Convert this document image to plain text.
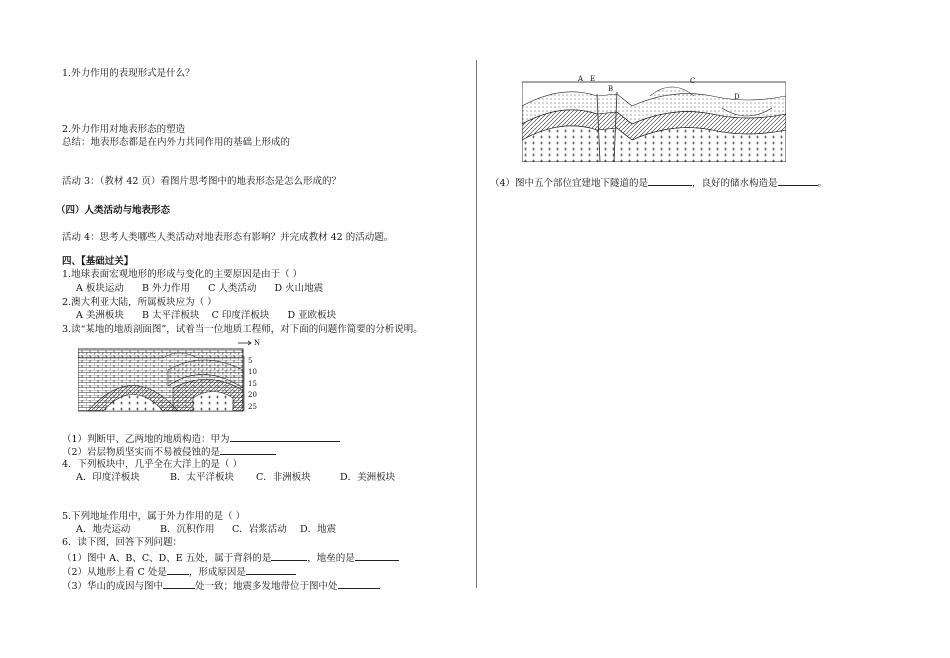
1.外力作用的表现形式是什么？
2.外力作用对地表形态的塑造
总结：地表形态都是在内外力共同作用的基础上形成的
活动 3：（教材 42 页）看图片思考图中的地表形态是怎么形成的？
（四）人类活动与地表形态
活动 4：思考人类哪些人类活动对地表形态有影响？并完成教材 42 的活动题。
四、【基础过关】
1.地球表面宏观地形的形成与变化的主要原因是由于（ ）
A 板块运动      B 外力作用      C 人类活动      D 火山地震
2.澳大利亚大陆，所属板块应为（ ）
A 美洲板块      B 太平洋板块    C 印度洋板块      D 亚欧板块
3.读“某地的地质剖面图”，试着当一位地质工程师，对下面的问题作简要的分析说明。
N
5
10
15
20
25
（1）判断甲、乙两地的地质构造：甲为
（2）岩层物质坚实而不易被侵蚀的是
4．下列板块中，几乎全在大洋上的是（ ）
A．印度洋板块	B．太平洋板块 C．非洲板块	D．美洲板块
5.下列地址作用中，属于外力作用的是（ ）
A．地壳运动	B．沉积作用 C．岩浆活动 D．地震
6．读下图，回答下列问题：
（1）图中 A、B、C、D、E 五处，属于背斜的是	，地垒的是
（2）从地形上看 C 处是 ，形成原因是
（3）华山的成因与图中	处一致；地震多发地带位于图中处
A E
B
C
D
（4）图中五个部位宜建地下隧道的是	，良好的储水构造是	。
